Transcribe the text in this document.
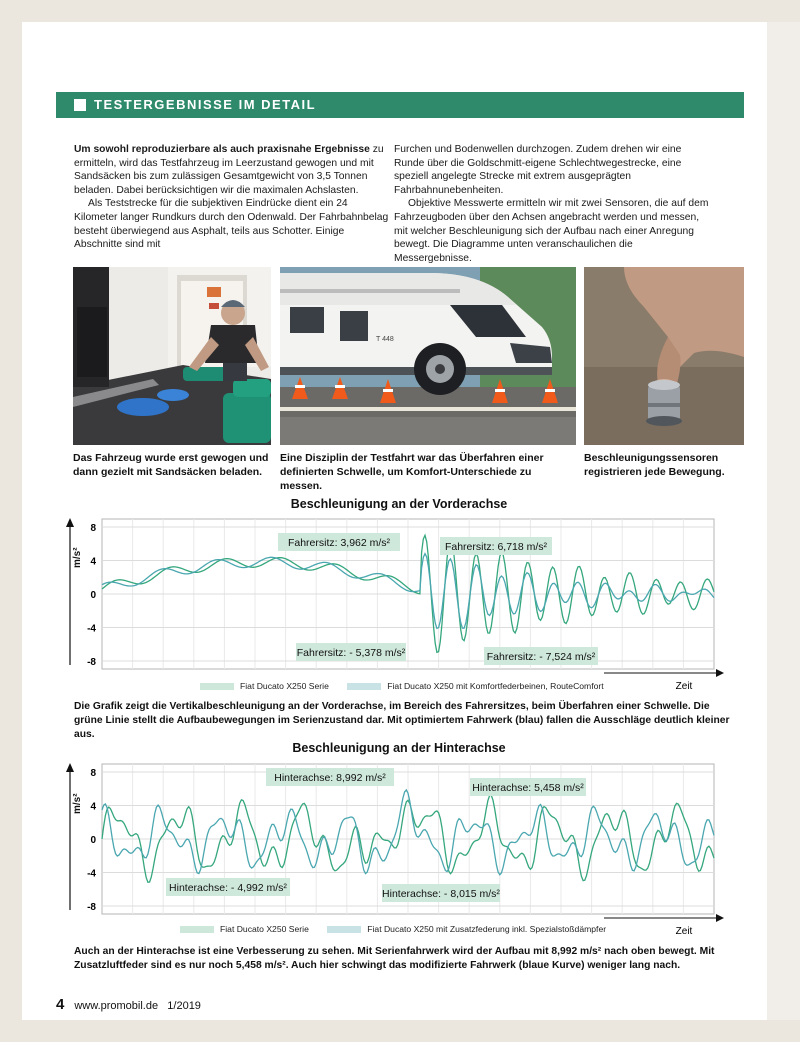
TESTERGEBNISSE IM DETAIL

Um sowohl reproduzierbare als auch praxisnahe Ergebnisse zu ermitteln, wird das Testfahrzeug im Leerzustand gewogen und mit Sandsäcken bis zum zulässigen Gesamtgewicht von 3,5 Tonnen beladen. Dabei berücksichtigen wir die maximalen Achslasten.

Als Teststrecke für die subjektiven Eindrücke dient ein 24 Kilometer langer Rundkurs durch den Odenwald. Der Fahrbahnbelag besteht überwiegend aus Asphalt, teils aus Schotter. Einige Abschnitte sind mit

Furchen und Bodenwellen durchzogen. Zudem drehen wir eine Runde über die Goldschmitt-eigene Schlechtwegestrecke, eine speziell angelegte Strecke mit extrem ausgeprägten Fahrbahnunebenheiten.

Objektive Messwerte ermitteln wir mit zwei Sensoren, die auf dem Fahrzeugboden über den Achsen angebracht werden und messen, mit welcher Beschleunigung sich der Aufbau nach einer Anregung bewegt. Die Diagramme unten veranschaulichen die Messergebnisse.

T 448
Das Fahrzeug wurde erst gewogen und dann gezielt mit Sandsäcken beladen.
Eine Disziplin der Testfahrt war das Überfahren einer definierten Schwelle, um Komfort-Unterschiede zu messen.
Beschleunigungssensoren registrieren jede Bewegung.
Beschleunigung an der Vorderachse
8
4
0
-4
-8
Zeit
Fahrersitz: 3,962 m/s²	Fahrersitz: 6,718 m/s²
Fahrersitz: - 5,378 m/s²	Fahrersitz: - 7,524 m/s²
m/s²
Fiat Ducato X250 Serie	Fiat Ducato X250 mit Komfortfederbeinen, RouteComfort
Die Grafik zeigt die Vertikalbeschleunigung an der Vorderachse, im Bereich des Fahrersitzes, beim Überfahren einer Schwelle. Die grüne Linie stellt die Aufbaubewegungen im Serienzustand dar. Mit optimiertem Fahrwerk (blau) fallen die Ausschläge deutlich kleiner aus.
Beschleunigung an der Hinterachse
8
4
0
-4
-8
Zeit
Hinterachse: 8,992 m/s²
Hinterachse: 5,458 m/s²
Hinterachse: - 4,992 m/s²	Hinterachse: - 8,015 m/s²
m/s²
Fiat Ducato X250 Serie	Fiat Ducato X250 mit Zusatzfederung inkl. Spezialstoßdämpfer
Auch an der Hinterachse ist eine Verbesserung zu sehen. Mit Serienfahrwerk wird der Aufbau mit 8,992 m/s² nach oben bewegt. Mit Zusatzluftfeder sind es nur noch 5,458 m/s². Auch hier schwingt das modifizierte Fahrwerk (blaue Kurve) weniger lang nach.
4 www.promobil.de 1/2019
